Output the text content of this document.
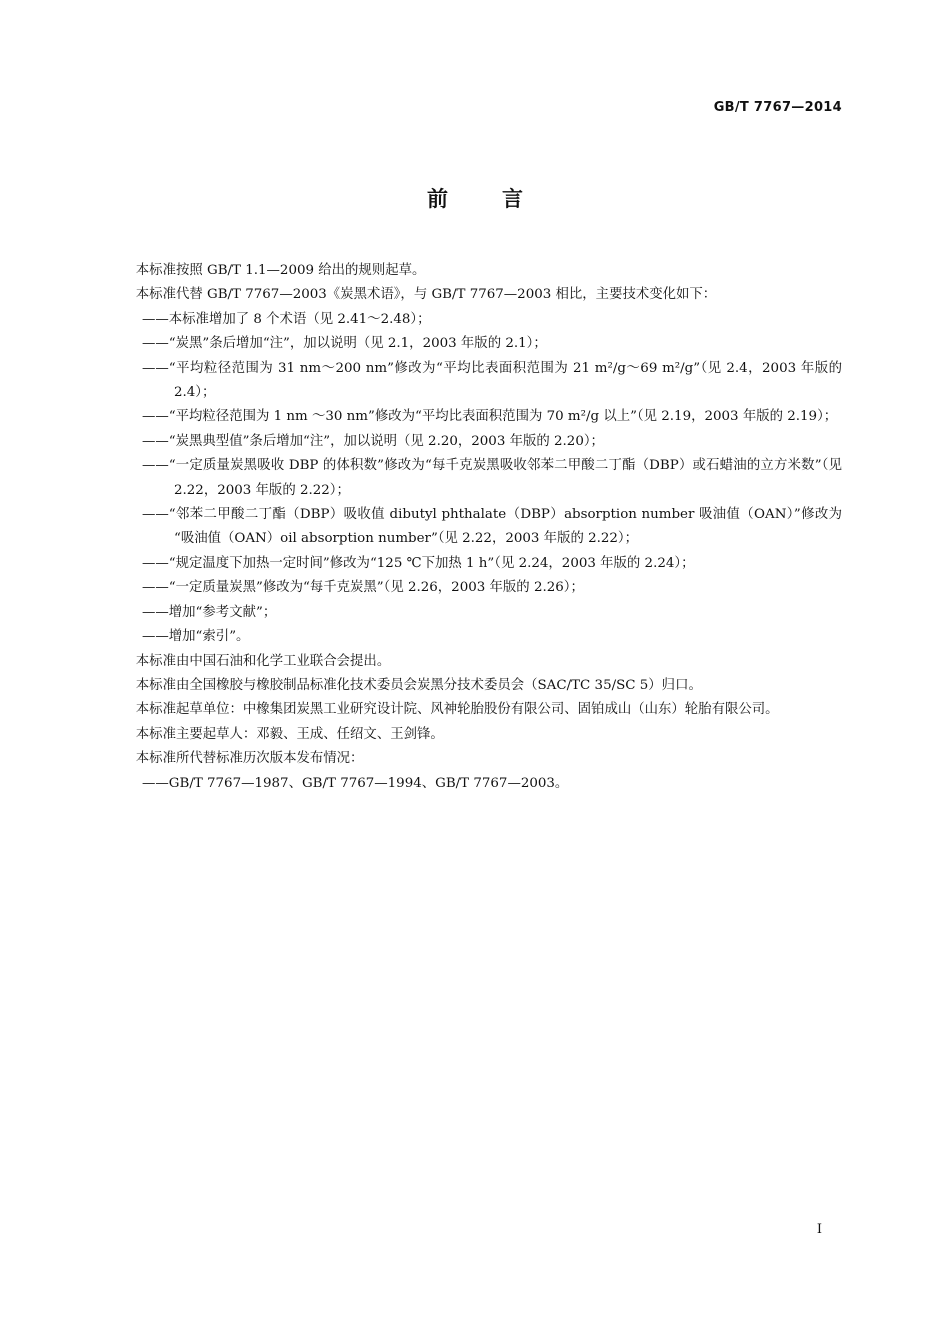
GB/T 7767—2014
前言

本标准按照 GB/T 1.1—2009 给出的规则起草。

本标准代替 GB/T 7767—2003《炭黑术语》，与 GB/T 7767—2003 相比，主要技术变化如下：

——本标准增加了 8 个术语（见 2.41～2.48）；

——“炭黑”条后增加“注”，加以说明（见 2.1，2003 年版的 2.1）；

——“平均粒径范围为 31 nm～200 nm”修改为“平均比表面积范围为 21 m²/g～69 m²/g”（见 2.4，2003 年版的 2.4）；

——“平均粒径范围为 1 nm ～30 nm”修改为“平均比表面积范围为 70 m²/g 以上”（见 2.19，2003 年版的 2.19）；

——“炭黑典型值”条后增加“注”，加以说明（见 2.20，2003 年版的 2.20）；

——“一定质量炭黑吸收 DBP 的体积数”修改为“每千克炭黑吸收邻苯二甲酸二丁酯（DBP）或石蜡油的立方米数”（见 2.22，2003 年版的 2.22）；

——“邻苯二甲酸二丁酯（DBP）吸收值 dibutyl phthalate（DBP）absorption number 吸油值（OAN）”修改为 “吸油值（OAN）oil absorption number”（见 2.22，2003 年版的 2.22）；

——“规定温度下加热一定时间”修改为“125 ℃下加热 1 h”（见 2.24，2003 年版的 2.24）；

——“一定质量炭黑”修改为“每千克炭黑”（见 2.26，2003 年版的 2.26）；

——增加“参考文献”；

——增加“索引”。

本标准由中国石油和化学工业联合会提出。

本标准由全国橡胶与橡胶制品标准化技术委员会炭黑分技术委员会（SAC/TC 35/SC 5）归口。

本标准起草单位：中橡集团炭黑工业研究设计院、风神轮胎股份有限公司、固铂成山（山东）轮胎有限公司。

本标准主要起草人：邓毅、王成、任绍文、王剑锋。

本标准所代替标准历次版本发布情况：

——GB/T 7767—1987、GB/T 7767—1994、GB/T 7767—2003。

I
